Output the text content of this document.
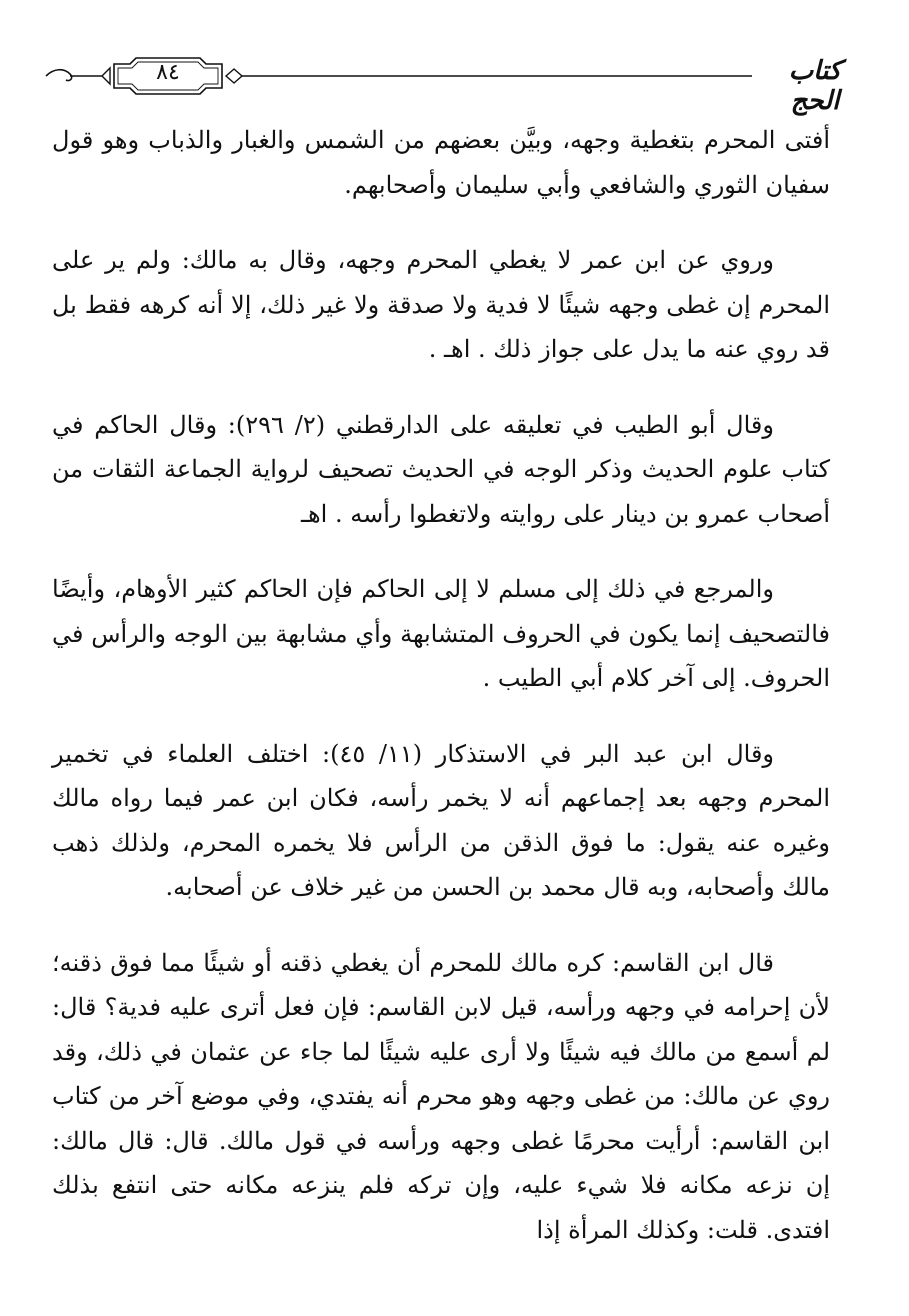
٨٤	كتاب الحج

أفتى المحرم بتغطية وجهه، وبيَّن بعضهم من الشمس والغبار والذباب وهو قول سفيان الثوري والشافعي وأبي سليمان وأصحابهم.

وروي عن ابن عمر لا يغطي المحرم وجهه، وقال به مالك: ولم ير على المحرم إن غطى وجهه شيئًا لا فدية ولا صدقة ولا غير ذلك، إلا أنه كرهه فقط بل قد روي عنه ما يدل على جواز ذلك . اهـ .

وقال أبو الطيب في تعليقه على الدارقطني (٢/ ٢٩٦): وقال الحاكم في كتاب علوم الحديث وذكر الوجه في الحديث تصحيف لرواية الجماعة الثقات من أصحاب عمرو بن دينار على روايته ولاتغطوا رأسه . اهـ

والمرجع في ذلك إلى مسلم لا إلى الحاكم فإن الحاكم كثير الأوهام، وأيضًا فالتصحيف إنما يكون في الحروف المتشابهة وأي مشابهة بين الوجه والرأس في الحروف. إلى آخر كلام أبي الطيب .

وقال ابن عبد البر في الاستذكار (١١/ ٤٥): اختلف العلماء في تخمير المحرم وجهه بعد إجماعهم أنه لا يخمر رأسه، فكان ابن عمر فيما رواه مالك وغيره عنه يقول: ما فوق الذقن من الرأس فلا يخمره المحرم، ولذلك ذهب مالك وأصحابه، وبه قال محمد بن الحسن من غير خلاف عن أصحابه.

قال ابن القاسم: كره مالك للمحرم أن يغطي ذقنه أو شيئًا مما فوق ذقنه؛ لأن إحرامه في وجهه ورأسه، قيل لابن القاسم: فإن فعل أترى عليه فدية؟ قال: لم أسمع من مالك فيه شيئًا ولا أرى عليه شيئًا لما جاء عن عثمان في ذلك، وقد روي عن مالك: من غطى وجهه وهو محرم أنه يفتدي، وفي موضع آخر من كتاب ابن القاسم: أرأيت محرمًا غطى وجهه ورأسه في قول مالك. قال: قال مالك: إن نزعه مكانه فلا شيء عليه، وإن تركه فلم ينزعه مكانه حتى انتفع بذلك افتدى. قلت: وكذلك المرأة إذا
